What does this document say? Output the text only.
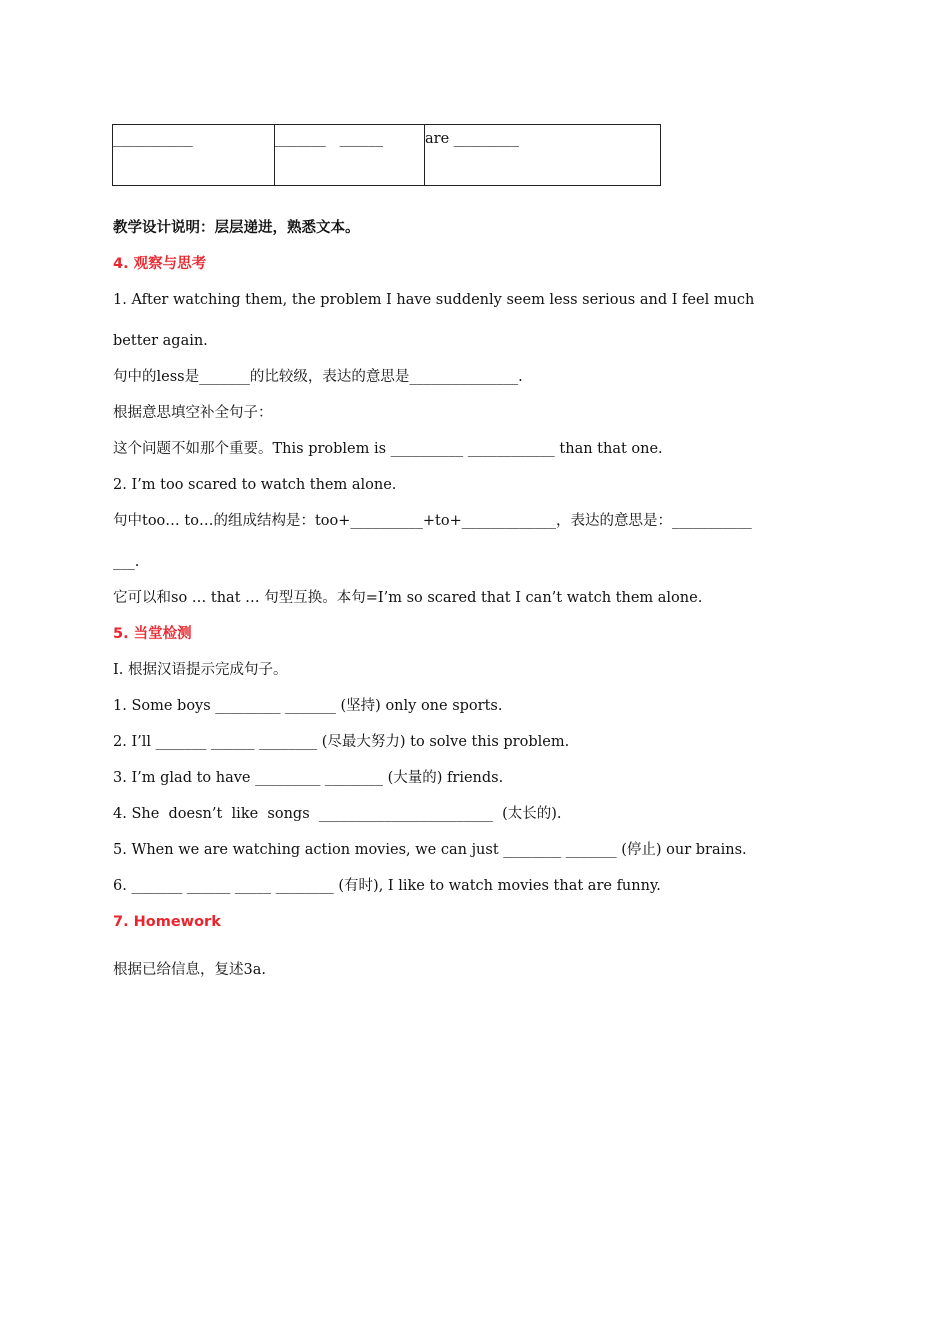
___________	_______   ______	are _________
教学设计说明：层层递进，熟悉文本。
4. 观察与思考
1. After watching them, the problem I have suddenly seem less serious and I feel much
better again.
句中的less是_______的比较级，表达的意思是_______________.
根据意思填空补全句子：
这个问题不如那个重要。This problem is __________ ____________ than that one.
2. I’m too scared to watch them alone.
句中too… to…的组成结构是：too+__________+to+_____________，表达的意思是：___________
___.
它可以和so … that … 句型互换。本句=I’m so scared that I can’t watch them alone.
5. 当堂检测
I. 根据汉语提示完成句子。
1. Some boys _________ _______ (坚持) only one sports.
2. I’ll _______ ______ ________ (尽最大努力) to solve this problem.
3. I’m glad to have _________ ________ (大量的) friends.
4. She  doesn’t  like  songs  ________________________  (太长的).
5. When we are watching action movies, we can just ________ _______ (停止) our brains.
6. _______ ______ _____ ________ (有时), I like to watch movies that are funny.
7. Homework
根据已给信息，复述3a.
